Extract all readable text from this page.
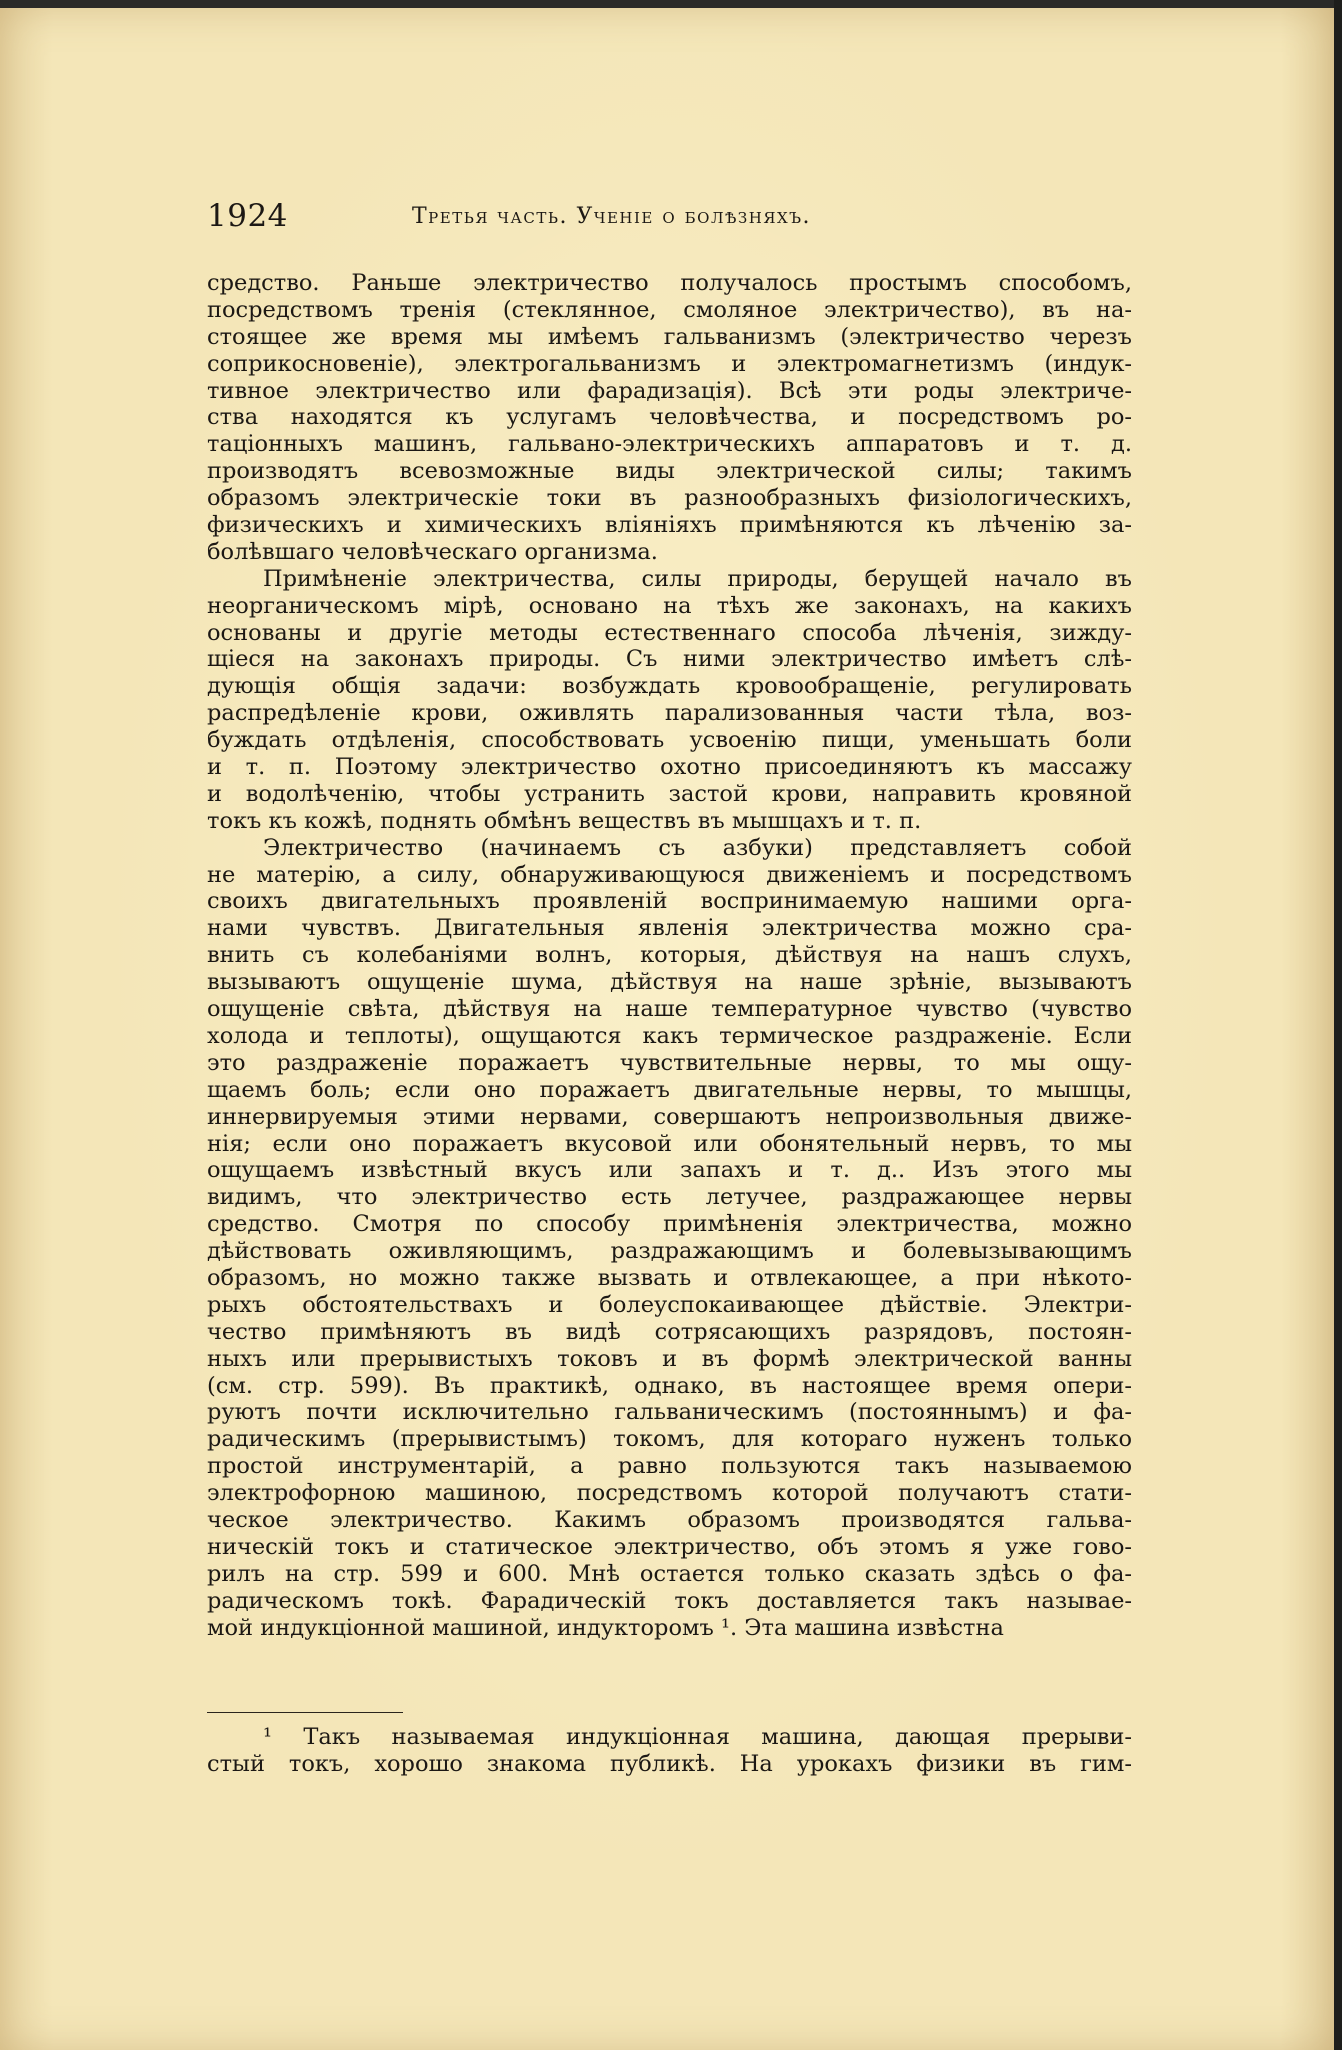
1924	Третья часть. Ученіе о болѣзняхъ.
средство. Раньше электричество получалось простымъ способомъ,
посредствомъ тренія (стеклянное, смоляное электричество), въ на-
стоящее же время мы имѣемъ гальванизмъ (электричество черезъ
соприкосновеніе), электрогальванизмъ и электромагнетизмъ (индук-
тивное электричество или фарадизація). Всѣ эти роды электриче-
ства находятся къ услугамъ человѣчества, и посредствомъ ро-
таціонныхъ машинъ, гальвано-электрическихъ аппаратовъ и т. д.
производятъ всевозможные виды электрической силы; такимъ
образомъ электрическіе токи въ разнообразныхъ физіологическихъ,
физическихъ и химическихъ вліяніяхъ примѣняются къ лѣченію за-
болѣвшаго человѣческаго организма.
Примѣненіе электричества, силы природы, берущей начало въ
неорганическомъ мірѣ, основано на тѣхъ же законахъ, на какихъ
основаны и другіе методы естественнаго способа лѣченія, зижду-
щіеся на законахъ природы. Съ ними электричество имѣетъ слѣ-
дующія общія задачи: возбуждать кровообращеніе, регулировать
распредѣленіе крови, оживлять парализованныя части тѣла, воз-
буждать отдѣленія, способствовать усвоенію пищи, уменьшать боли
и т. п. Поэтому электричество охотно присоединяютъ къ массажу
и водолѣченію, чтобы устранить застой крови, направить кровяной
токъ къ кожѣ, поднять обмѣнъ веществъ въ мышцахъ и т. п.
Электричество (начинаемъ съ азбуки) представляетъ собой
не матерію, а силу, обнаруживающуюся движеніемъ и посредствомъ
своихъ двигательныхъ проявленій воспринимаемую нашими орга-
нами чувствъ. Двигательныя явленія электричества можно сра-
внить съ колебаніями волнъ, которыя, дѣйствуя на нашъ слухъ,
вызываютъ ощущеніе шума, дѣйствуя на наше зрѣніе, вызываютъ
ощущеніе свѣта, дѣйствуя на наше температурное чувство (чувство
холода и теплоты), ощущаются какъ термическое раздраженіе. Если
это раздраженіе поражаетъ чувствительные нервы, то мы ощу-
щаемъ боль; если оно поражаетъ двигательные нервы, то мышцы,
иннервируемыя этими нервами, совершаютъ непроизвольныя движе-
нія; если оно поражаетъ вкусовой или обонятельный нервъ, то мы
ощущаемъ извѣстный вкусъ или запахъ и т. д.. Изъ этого мы
видимъ, что электричество есть летучее, раздражающее нервы
средство. Смотря по способу примѣненія электричества, можно
дѣйствовать оживляющимъ, раздражающимъ и болевызывающимъ
образомъ, но можно также вызвать и отвлекающее, а при нѣкото-
рыхъ обстоятельствахъ и болеуспокаивающее дѣйствіе. Электри-
чество примѣняютъ въ видѣ сотрясающихъ разрядовъ, постоян-
ныхъ или прерывистыхъ токовъ и въ формѣ электрической ванны
(см. стр. 599). Въ практикѣ, однако, въ настоящее время опери-
руютъ почти исключительно гальваническимъ (постояннымъ) и фа-
радическимъ (прерывистымъ) токомъ, для котораго нуженъ только
простой инструментарій, а равно пользуются такъ называемою
электрофорною машиною, посредствомъ которой получаютъ стати-
ческое электричество. Какимъ образомъ производятся гальва-
ническій токъ и статическое электричество, объ этомъ я уже гово-
рилъ на стр. 599 и 600. Мнѣ остается только сказать здѣсь о фа-
радическомъ токѣ. Фарадическій токъ доставляется такъ называе-
мой индукціонной машиной, индукторомъ ¹. Эта машина извѣстна
¹ Такъ называемая индукціонная машина, дающая прерыви-
стый токъ, хорошо знакома публикѣ. На урокахъ физики въ гим-
